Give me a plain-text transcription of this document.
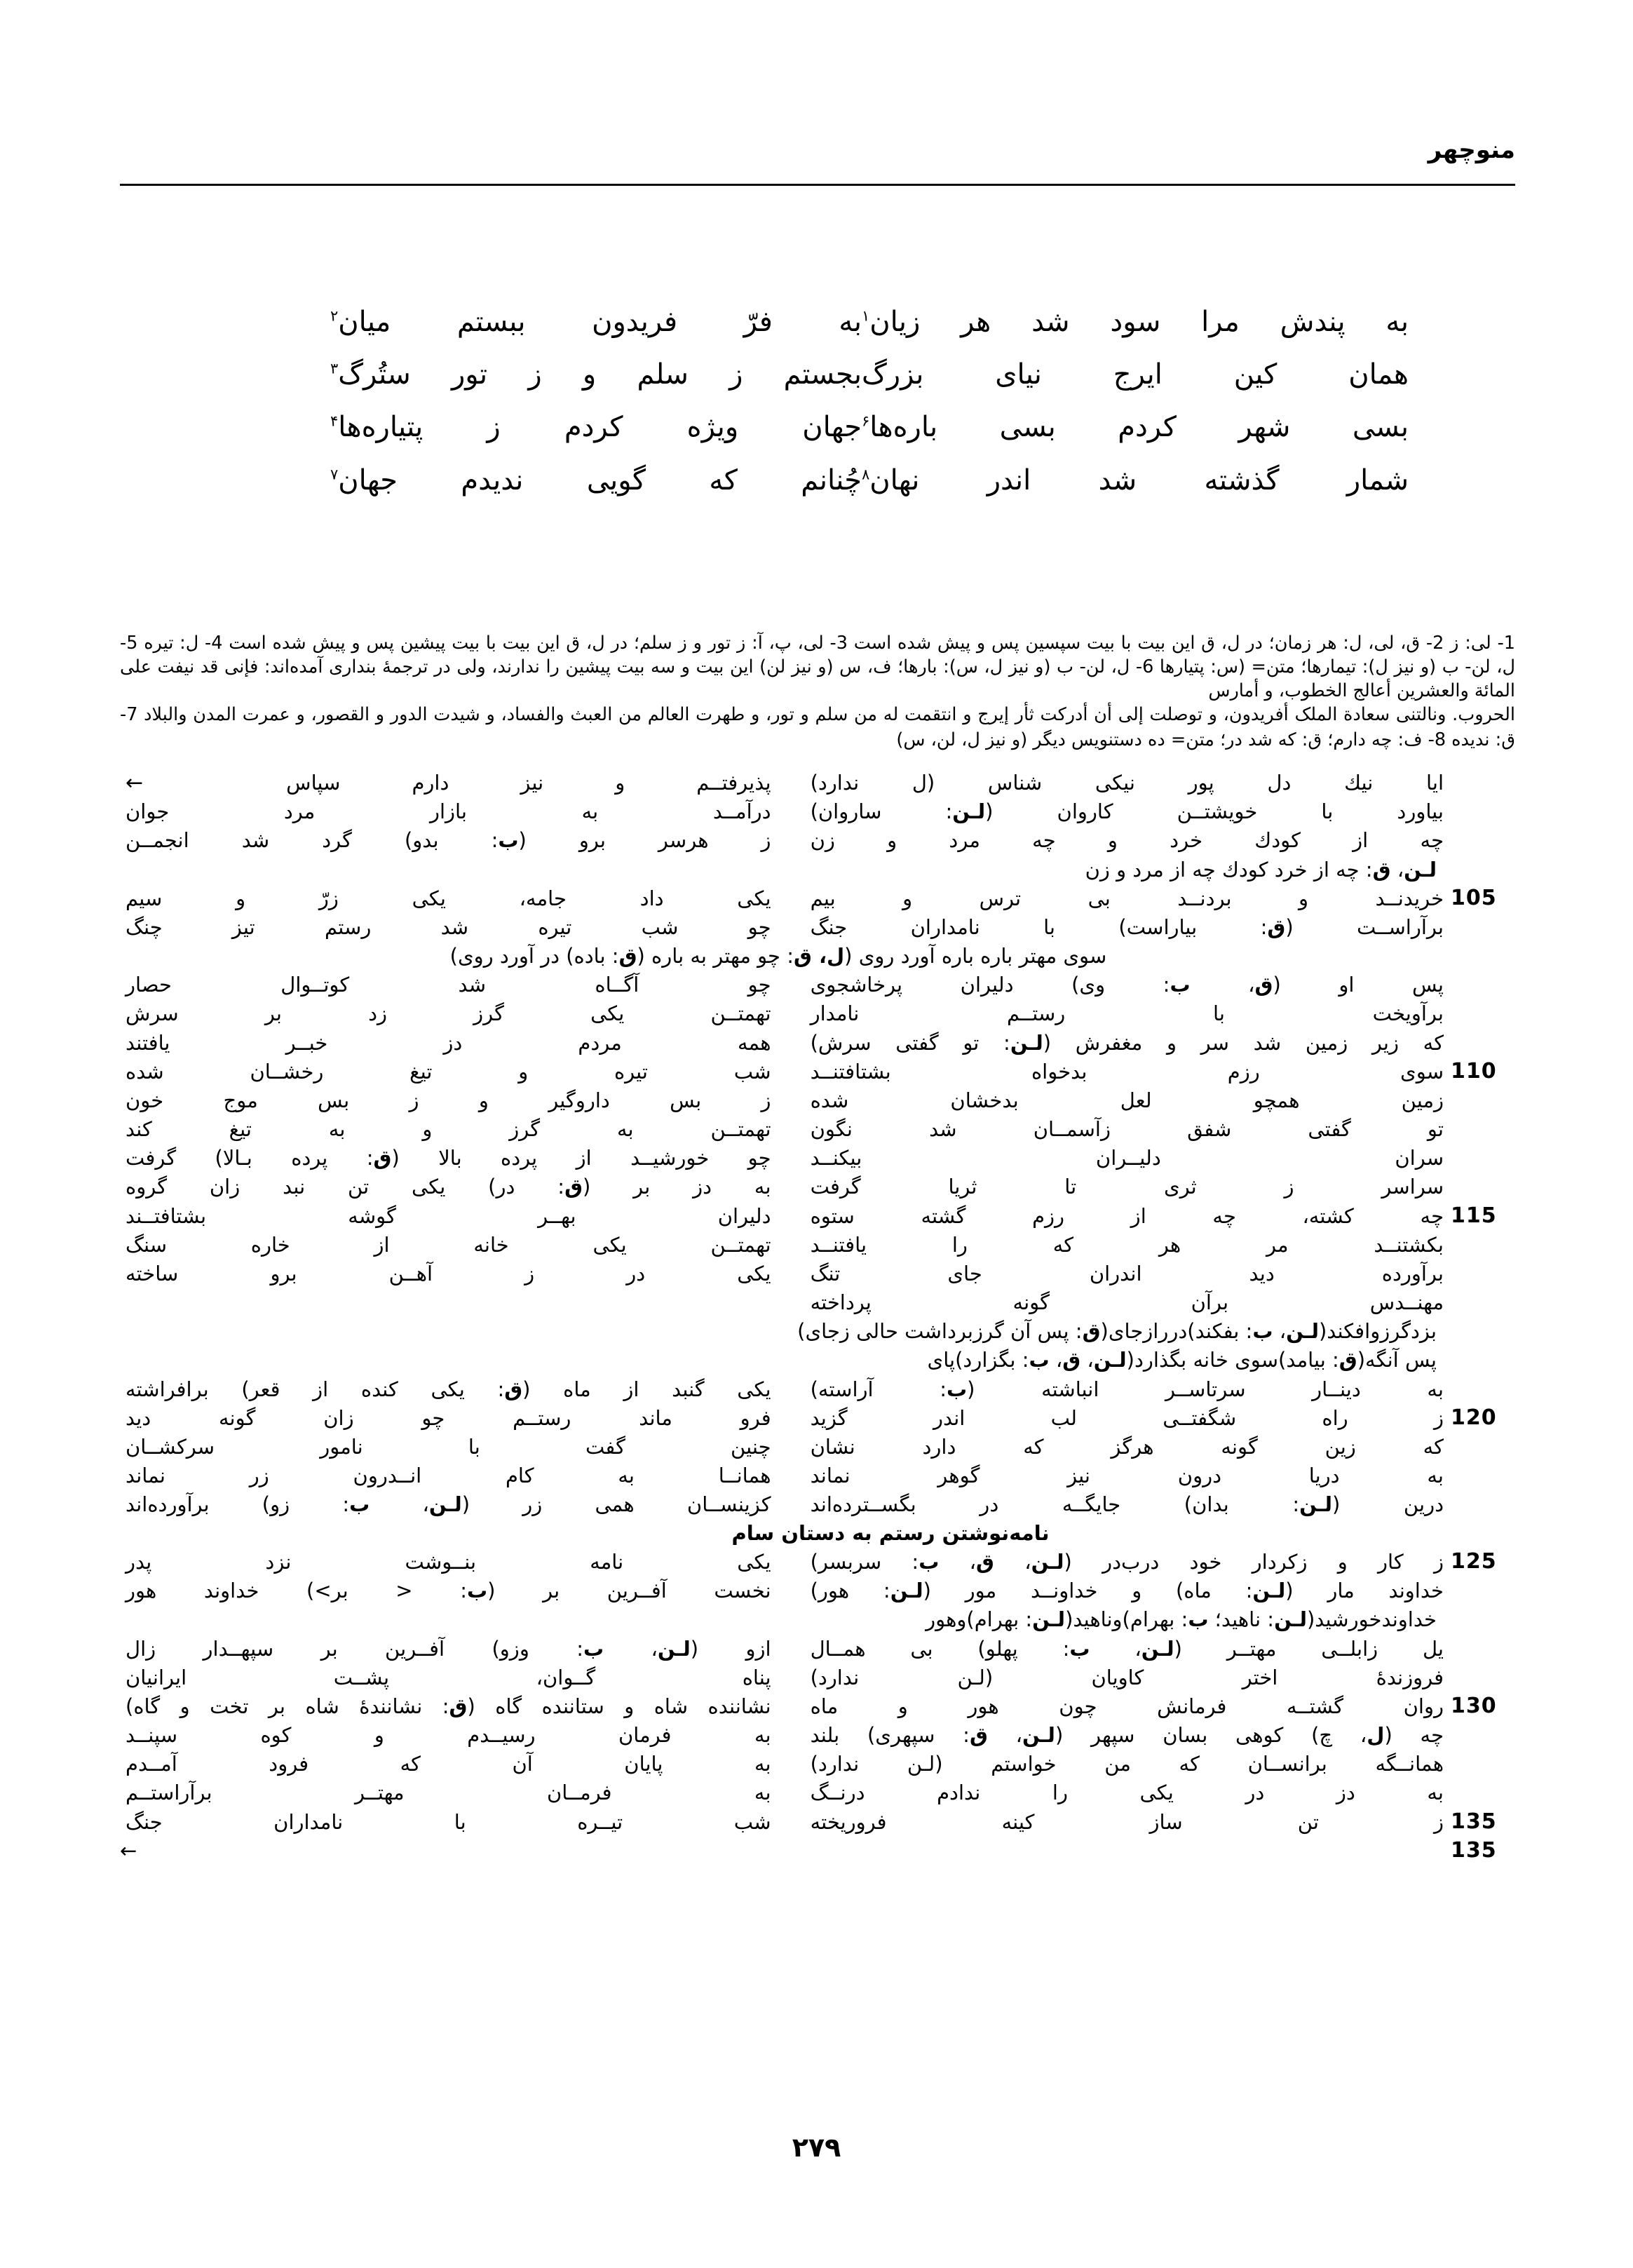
منوچهر
به پندش مرا سود شد هر زیان$^۱$
به فرّ فریدون ببستم میان$^۲$
همان کین ایرج نیای بزرگ
بجستم ز سلم و ز تور ستُرگ$^۳$
بسی شهر کردم بسی باره‌ها$^۶$
جهان ویژه کردم ز پتیاره‌ها$^۴$
شمار گذشته شد اندر نهان$^۸$
چُنانم که گویی ندیدم جهان$^۷$

1- لی: ز 2- ق، لی، ل: هر زمان؛ در ل، ق این بیت با بیت سپسین پس و پیش شده است 3- لی، پ، آ: ز تور و ز سلم؛ در ل، ق این بیت با بیت پیشین پس و پیش شده است 4- ل: تیره 5- ل، لن- ب (و نیز ل): تیمارها؛ متن= (س: پتیارها 6- ل، لن- ب (و نیز ل، س): بارها؛ ف، س (و نیز لن) این بیت و سه بیت پیشین را ندارند، ولی در ترجمهٔ بنداری آمده‌اند: فإنی قد نیفت علی المائة والعشرین أعالج الخطوب، و أمارس

الحروب. ونالتنی سعادة الملک أفریدون، و توصلت إلی أن أدرکت ثأر إیرج و انتقمت له من سلم و تور، و طهرت العالم من العبث والفساد، و شیدت الدور و القصور، و عمرت المدن والبلاد 7- ق: ندیده 8- ف: چه دارم؛ ق: که شد در؛ متن= ده دستنویس دیگر (و نیز ل، لن، س)

ایا نیك دل پور نیكی شناس (ل ندارد)
پذیرفتــم و نیز دارم سپاس  ←
بیاورد با خویشتــن كاروان (لـن: ساروان)
درآمــد به بازار مرد جوان
چه از كودك خرد و چه مرد و زن
ز هرسر برو (ب: بدو) گرد شد انجمــن
لـن، ق: چه از خرد كودك چه از مرد و زن
105
خریدنــد و بردنــد بی ترس و بیم
یكی داد جامه، یكی زرّ و سیم
برآراســت (ق: بیاراست) با نامداران جنگ
چو شب تیره شد رستم تیز چنگ
سوی مهتر باره باره آورد روی (ل، ق: چو مهتر به باره (ق: باده) در آورد روی)
پس او (ق، ب: وی) دلیران پرخاشجوی
چو آگــاه شد كوتــوال حصار
برآویخت با رستــم نامدار
تهمتــن یكی گرز زد بر سرش
كه زیر زمین شد سر و مغفرش (لـن: تو گفتی سرش)
همه مردم دز خبــر یافتند
110
سوی رزم بدخواه بشتافتنــد
شب تیره و تیغ رخشــان شده
زمین همچو لعل بدخشان شده
ز بس داروگیر و ز بس موج خون
تو گفتی شفق زآسمــان شد نگون
تهمتــن به گرز و به تیغ كند
سران دلیــران بیكنــد
چو خورشیــد از پرده بالا (ق: پرده بـالا) گرفت
سراسر ز ثری تا ثریا گرفت
به دز بر (ق: در) یكی تن نبد زان گروه
115
چه كشته، چه از رزم گشته ستوه
دلیران بهــر گوشه بشتافتــند
بكشتنــد مر هر كه را یافتنــد
تهمتــن یكی خانه از خاره سنگ
برآورده دید اندران جای تنگ
یكی در ز آهــن برو ساخته
مهنــدس برآن گونه پرداخته
بزدگرزوافكند(لـن، ب: بفكند)دررازجای(ق: پس آن گرزبرداشت حالی زجای)
پس آنگه(ق: بیامد)سوی خانه بگذارد(لـن، ق، ب: بگزارد)پای
به دینــار سرتاســر انباشته (ب: آراسته)
یكی گنبد از ماه (ق: یكی كنده از قعر) برافراشته
120
ز راه شگفتــی لب اندر گزید
فرو ماند رستــم چو زان گونه دید
كه زین گونه هرگز كه دارد نشان
چنین گفت با نامور سركشــان
به دریا درون نیز گوهر نماند
همانــا به كام انــدرون زر نماند
درین (لـن: بدان) جایگــه در بگســترده‌اند
كزینســان همی زر (لـن، ب: زو) برآورده‌اند
نامه‌نوشتن رستم به دستان سام
125
ز كار و زكردار خود درب‌در (لـن، ق، ب: سربسر)
یكی نامه بنــوشت نزد پدر
خداوند مار (لـن: ماه) و خداونــد مور (لـن: هور)
نخست آفــرین بر (ب: < بر>) خداوند هور
خداوندخورشید(لـن: ناهید؛ ب: بهرام)وناهید(لـن: بهرام)وهور
یل زابلــی مهتــر (لـن، ب: پهلو) بی همــال
ازو (لـن، ب: وزو) آفــرین بر سپهــدار زال
فروزندهٔ اختر كاویان (لـن ندارد)
پناه گــوان، پشــت ایرانیان
130
روان گشتــه فرمانش چون هور و ماه
نشاننده شاه و ستاننده گاه (ق: نشانندهٔ شاه بر تخت و گاه)
چه (ل، چ) كوهی بسان سپهر (لـن، ق: سپهری) بلند
به فرمان رسیــدم و كوه سپنــد
همانــگه برانســان كه من خواستم (لـن ندارد)
به پایان آن كه فرود آمــدم
به دز در یكی را ندادم درنــگ
به فرمــان مهتــر برآراستــم
135
ز تن ساز كینه فروریخته
شب تیــره با نامداران جنگ
135
←
۲۷۹
